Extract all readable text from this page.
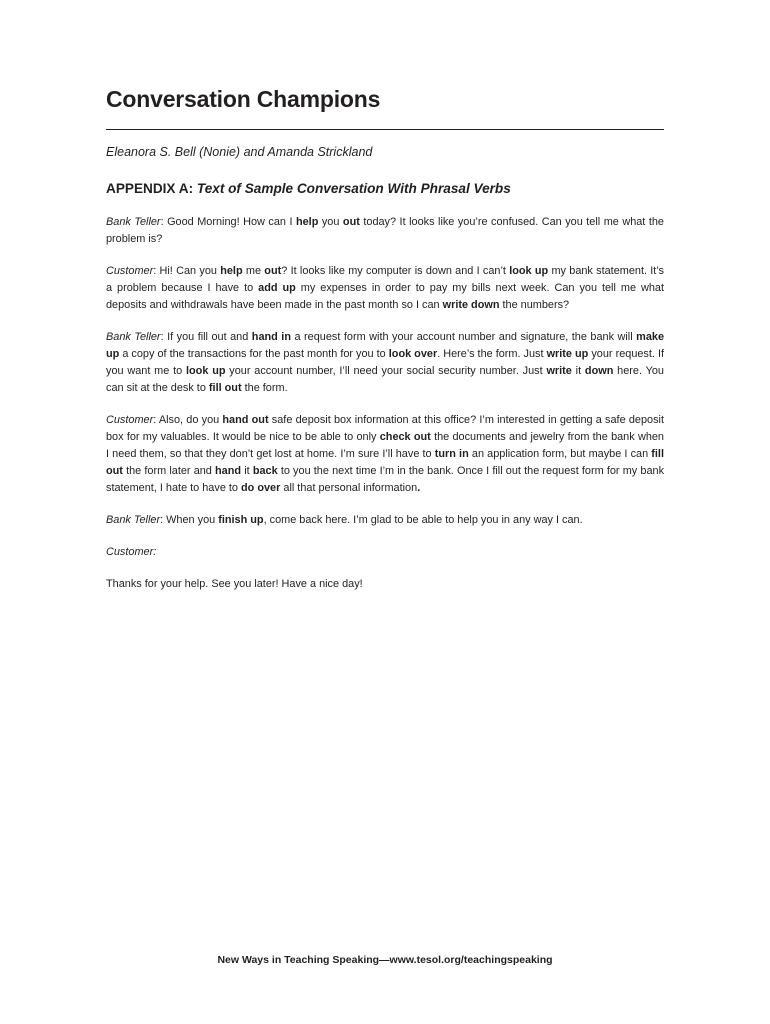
Conversation Champions

Eleanora S. Bell (Nonie) and Amanda Strickland

APPENDIX A: Text of Sample Conversation With Phrasal Verbs

Bank Teller: Good Morning! How can I help you out today? It looks like you’re confused. Can you tell me what the problem is?

Customer: Hi! Can you help me out? It looks like my computer is down and I can’t look up my bank statement. It’s a problem because I have to add up my expenses in order to pay my bills next week. Can you tell me what deposits and withdrawals have been made in the past month so I can write down the numbers?

Bank Teller: If you fill out and hand in a request form with your account number and signature, the bank will make up a copy of the transactions for the past month for you to look over. Here’s the form. Just write up your request. If you want me to look up your account number, I’ll need your social security number. Just write it down here. You can sit at the desk to fill out the form.

Customer: Also, do you hand out safe deposit box information at this office? I’m interested in getting a safe deposit box for my valuables. It would be nice to be able to only check out the documents and jewelry from the bank when I need them, so that they don’t get lost at home. I’m sure I’ll have to turn in an application form, but maybe I can fill out the form later and hand it back to you the next time I’m in the bank. Once I fill out the request form for my bank statement, I hate to have to do over all that personal information.

Bank Teller: When you finish up, come back here. I’m glad to be able to help you in any way I can.

Customer:

Thanks for your help. See you later! Have a nice day!

New Ways in Teaching Speaking—www.tesol.org/teachingspeaking
